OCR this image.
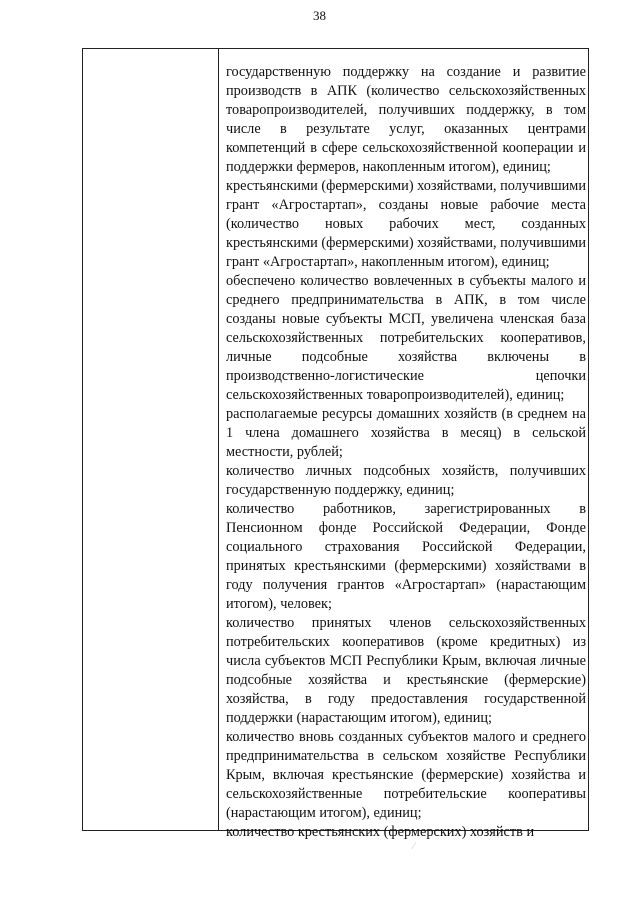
38

государственную поддержку на создание и развитие производств в АПК (количество сельскохозяйственных товаропроизводителей, получивших поддержку, в том числе в результате услуг, оказанных центрами компетенций в сфере сельскохозяйственной кооперации и поддержки фермеров, накопленным итогом), единиц;

крестьянскими (фермерскими) хозяйствами, получившими грант «Агростартап», созданы новые рабочие места (количество новых рабочих мест, созданных крестьянскими (фермерскими) хозяйствами, получившими грант «Агростартап», накопленным итогом), единиц;

обеспечено количество вовлеченных в субъекты малого и среднего предпринимательства в АПК, в том числе созданы новые субъекты МСП, увеличена членская база сельскохозяйственных потребительских кооперативов, личные подсобные хозяйства включены в производственно-логистические цепочки сельскохозяйственных товаропроизводителей), единиц;

располагаемые ресурсы домашних хозяйств (в среднем на 1 члена домашнего хозяйства в месяц) в сельской местности, рублей;

количество личных подсобных хозяйств, получивших государственную поддержку, единиц;

количество работников, зарегистрированных в Пенсионном фонде Российской Федерации, Фонде социального страхования Российской Федерации, принятых крестьянскими (фермерскими) хозяйствами в году получения грантов «Агростартап» (нарастающим итогом), человек;

количество принятых членов сельскохозяйственных потребительских кооперативов (кроме кредитных) из числа субъектов МСП Республики Крым, включая личные подсобные хозяйства и крестьянские (фермерские) хозяйства, в году предоставления государственной поддержки (нарастающим итогом), единиц;

количество вновь созданных субъектов малого и среднего предпринимательства в сельском хозяйстве Республики Крым, включая крестьянские (фермерские) хозяйства и сельскохозяйственные потребительские кооперативы (нарастающим итогом), единиц;

количество крестьянских (фермерских) хозяйств и

⁄
